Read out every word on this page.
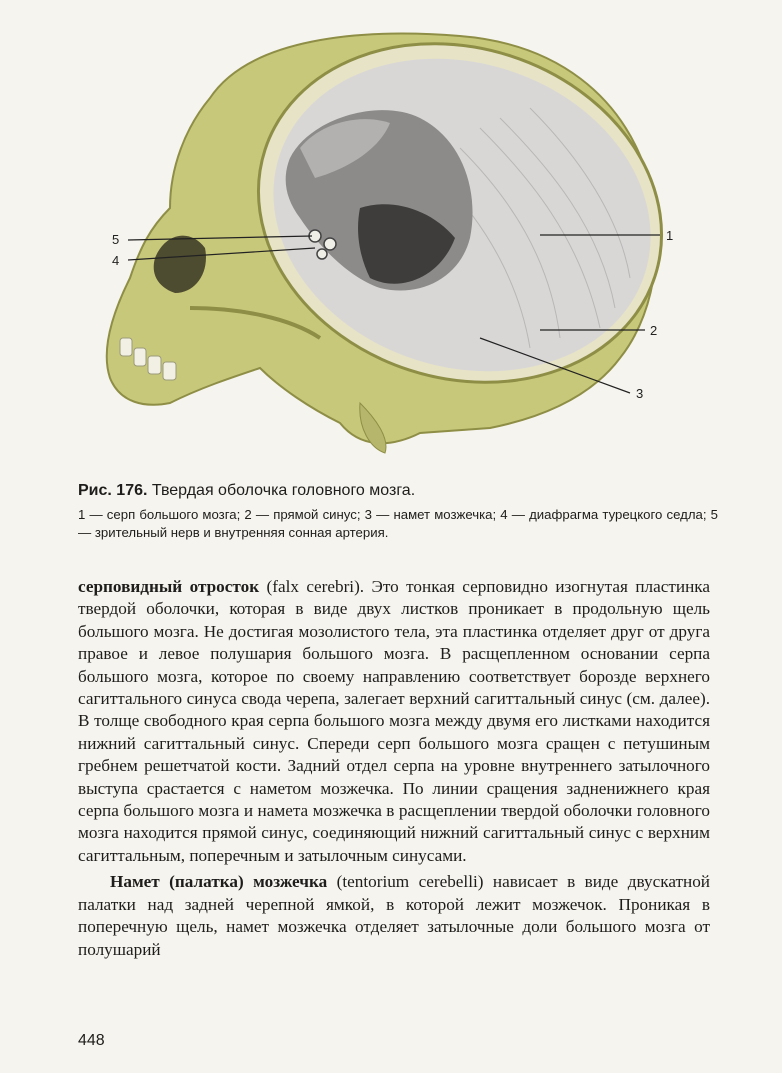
1
2
3
4
5
Рис. 176. Твердая оболочка головного мозга.
1 — серп большого мозга; 2 — прямой синус; 3 — намет мозжечка; 4 — диафрагма турецкого седла; 5 — зрительный нерв и внутренняя сонная артерия.

серповидный отросток (falx cerebri). Это тонкая серповидно изогнутая пластинка твердой оболочки, которая в виде двух листков проникает в продольную щель большого мозга. Не достигая мозолистого тела, эта пластинка отделяет друг от друга правое и левое полушария большого мозга. В расщепленном основании серпа большого мозга, которое по своему направлению соответствует борозде верхнего сагиттального синуса свода черепа, залегает верхний сагиттальный синус (см. далее). В толще свободного края серпа большого мозга между двумя его листками находится нижний сагиттальный синус. Спереди серп большого мозга сращен с петушиным гребнем решетчатой кости. Задний отдел серпа на уровне внутреннего затылочного выступа срастается с наметом мозжечка. По линии сращения задненижнего края серпа большого мозга и намета мозжечка в расщеплении твердой оболочки головного мозга находится прямой синус, соединяющий нижний сагиттальный синус с верхним сагиттальным, поперечным и затылочным синусами.

Намет (палатка) мозжечка (tentorium cerebelli) нависает в виде двускатной палатки над задней черепной ямкой, в которой лежит мозжечок. Проникая в поперечную щель, намет мозжечка отделяет затылочные доли большого мозга от полушарий

448
